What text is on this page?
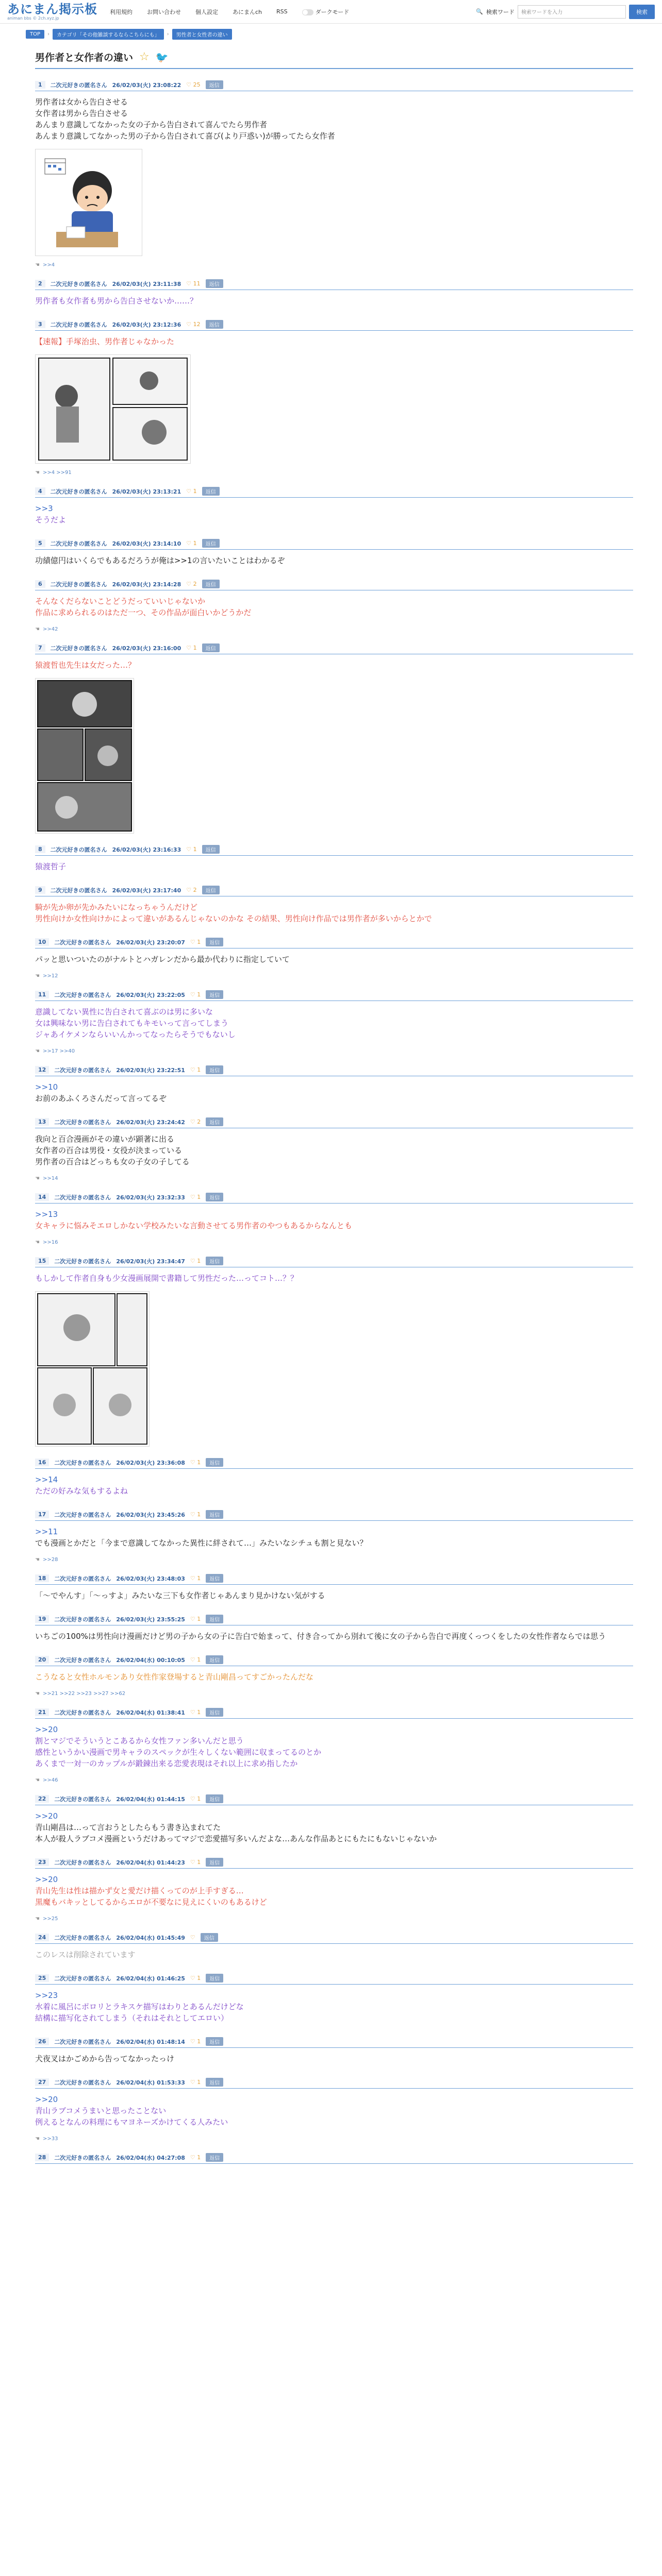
あにまん掲示板
animan bbs © 2ch.xyz.jp
利用規約	お問い合わせ	個人設定	あにまんch	RSS	ダークモード	🔍 検索ワード 検索ワードを入力	検索
TOP	›	カテゴリ「その他雑談するならこちらにも」	›	男性者と女性者の違い
男作者と女作者の違い ☆ 🐦
1	二次元好きの匿名さん 26/02/03(火) 23:08:22 ♡ 25	返信
男作者は女から告白させる
女作者は男から告白させる
あんまり意識してなかった女の子から告白されて喜んでたら男作者
あんまり意識してなかった男の子から告白されて喜び(より戸惑い)が勝ってたら女作者
☚ >>4
2	二次元好きの匿名さん 26/02/03(火) 23:11:38 ♡ 11	返信
男作者も女作者も男から告白させないか……？
3	二次元好きの匿名さん 26/02/03(火) 23:12:36 ♡ 12	返信
【速報】手塚治虫、男作者じゃなかった
☚ >>4 >>91
4	二次元好きの匿名さん 26/02/03(火) 23:13:21 ♡ 1	返信
>>3
そうだよ
5	二次元好きの匿名さん 26/02/03(火) 23:14:10 ♡ 1	返信
功績億円はいくらでもあるだろうが俺は>>1の言いたいことはわかるぞ
6	二次元好きの匿名さん 26/02/03(火) 23:14:28 ♡ 2	返信
そんなくだらないことどうだっていいじゃないか
作品に求められるのはただ一つ、その作品が面白いかどうかだ
☚ >>42
7	二次元好きの匿名さん 26/02/03(火) 23:16:00 ♡ 1	返信
猿渡哲也先生は女だった…？
8	二次元好きの匿名さん 26/02/03(火) 23:16:33 ♡ 1	返信
猿渡哲子
9	二次元好きの匿名さん 26/02/03(火) 23:17:40 ♡ 2	返信
騎が先か卵が先かみたいになっちゃうんだけど
男性向けか女性向けかによって違いがあるんじゃないのかな その結果、男性向け作品では男作者が多いからとかで
10	二次元好きの匿名さん 26/02/03(火) 23:20:07 ♡ 1	返信
パッと思いついたのがナルトとハガレンだから最か代わりに指定していて
☚ >>12
11	二次元好きの匿名さん 26/02/03(火) 23:22:05 ♡ 1	返信
意識してない異性に告白されて喜ぶのは男に多いな
女は興味ない男に告白されてもキモいって言ってしまう
ジャあイケメンならいいんかってなったらそうでもないし
☚ >>17 >>40
12	二次元好きの匿名さん 26/02/03(火) 23:22:51 ♡ 1	返信
>>10
お前のあふくろさんだって言ってるぞ
13	二次元好きの匿名さん 26/02/03(火) 23:24:42 ♡ 2	返信
我向と百合漫画がその違いが顕著に出る
女作者の百合は男役・女役が決まっている
男作者の百合はどっちも女の子女の子してる
☚ >>14
14	二次元好きの匿名さん 26/02/03(火) 23:32:33 ♡ 1	返信
>>13
女キャラに悩みそエロしかない学校みたいな言動させてる男作者のやつもあるからなんとも
☚ >>16
15	二次元好きの匿名さん 26/02/03(火) 23:34:47 ♡ 1	返信
もしかして作者自身も少女漫画展開で書籍して男性だった…ってコト…？？
16	二次元好きの匿名さん 26/02/03(火) 23:36:08 ♡ 1	返信
>>14
ただの好みな気もするよね
17	二次元好きの匿名さん 26/02/03(火) 23:45:26 ♡ 1	返信
>>11
でも漫画とかだと「今まで意識してなかった異性に絆されて…」みたいなシチュも割と見ない？
☚ >>28
18	二次元好きの匿名さん 26/02/03(火) 23:48:03 ♡ 1	返信
「〜でやんす」「〜っすよ」みたいな三下も女作者じゃあんまり見かけない気がする
19	二次元好きの匿名さん 26/02/03(火) 23:55:25 ♡ 1	返信
いちごの100%は男性向け漫画だけど男の子から女の子に告白で始まって、付き合ってから別れて後に女の子から告白で再度くっつくをしたの女性作者ならでは思う
20	二次元好きの匿名さん 26/02/04(水) 00:10:05 ♡ 1	返信
こうなると女性ホルモンあり女性作家登場すると青山剛昌ってすごかったんだな
☚ >>21 >>22 >>23 >>27 >>62
21	二次元好きの匿名さん 26/02/04(水) 01:38:41 ♡ 1	返信
>>20
割とマジでそういうとこあるから女性ファン多いんだと思う
感性というかい漫画で男キャラのスペックが生々しくない範囲に収まってるのとか
あくまで一対一のカップルが鍛錬出来る恋愛表現はそれ以上に求め指したか
☚ >>46
22	二次元好きの匿名さん 26/02/04(水) 01:44:15 ♡ 1	返信
>>20
青山剛昌は…って言おうとしたらもう書き込まれてた
本人が殺人ラブコメ漫画というだけあってマジで恋愛描写多いんだよな…あんな作品あとにもたにもないじゃないか
23	二次元好きの匿名さん 26/02/04(水) 01:44:23 ♡ 1	返信
>>20
青山先生は性は描かず女と愛だけ描くってのが上手すぎる…
黒魔もバキッとしてるからエロが不要なに見えにくいのもあるけど
☚ >>25
24	二次元好きの匿名さん 26/02/04(水) 01:45:49 ♡	返信
このレスは削除されています
25	二次元好きの匿名さん 26/02/04(水) 01:46:25 ♡ 1	返信
>>23
水着に風呂にポロリとラキスケ描写はわりとあるんだけどな
結構に描写化されてしまう（それはそれとしてエロい）
26	二次元好きの匿名さん 26/02/04(水) 01:48:14 ♡ 1	返信
犬夜叉はかごめから告ってなかったっけ
27	二次元好きの匿名さん 26/02/04(水) 01:53:33 ♡ 1	返信
>>20
青山ラブコメうまいと思ったことない
例えるとなんの料理にもマヨネーズかけてくる人みたい
☚ >>33
28	二次元好きの匿名さん 26/02/04(水) 04:27:08 ♡ 1	返信
